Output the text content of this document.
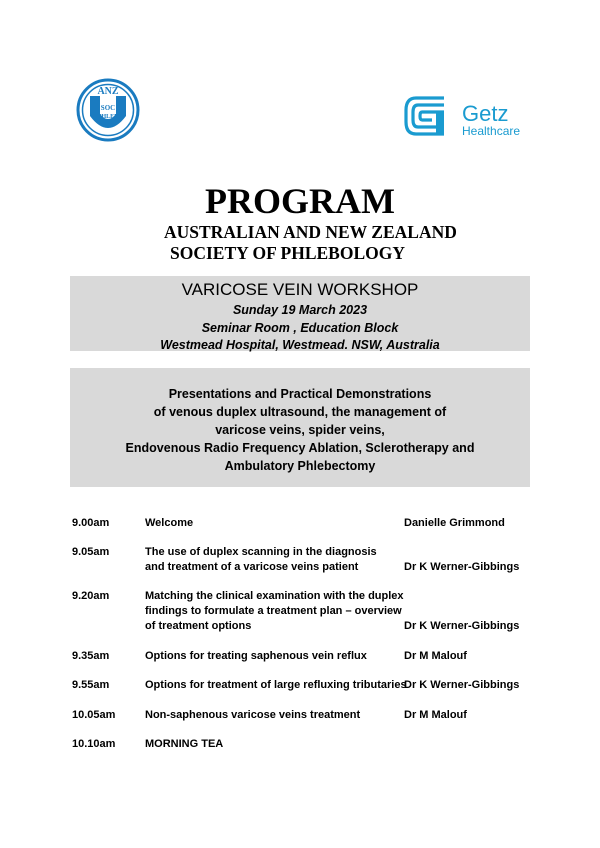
ANZ
SOC
PHLEB	Getz
Healthcare
PROGRAM
AUSTRALIAN AND NEW ZEALAND
SOCIETY OF PHLEBOLOGY
VARICOSE VEIN WORKSHOP
Sunday 19 March 2023
Seminar Room , Education Block
Westmead Hospital, Westmead. NSW, Australia
Presentations and Practical Demonstrations
of venous duplex ultrasound, the management of
varicose veins, spider veins,
Endovenous Radio Frequency Ablation, Sclerotherapy and
Ambulatory Phlebectomy
9.00am	Welcome	Danielle Grimmond
9.05am	The use of duplex scanning in the diagnosis
and treatment of a varicose veins patient	Dr K Werner-Gibbings
9.20am	Matching the clinical examination with the duplex
findings to formulate a treatment plan – overview
of treatment options	Dr K Werner-Gibbings
9.35am	Options for treating saphenous vein reflux	Dr M Malouf
9.55am	Options for treatment of large refluxing tributaries
Dr K Werner-Gibbings
10.05am	Non-saphenous varicose veins treatment	Dr M Malouf
10.10am	MORNING TEA
